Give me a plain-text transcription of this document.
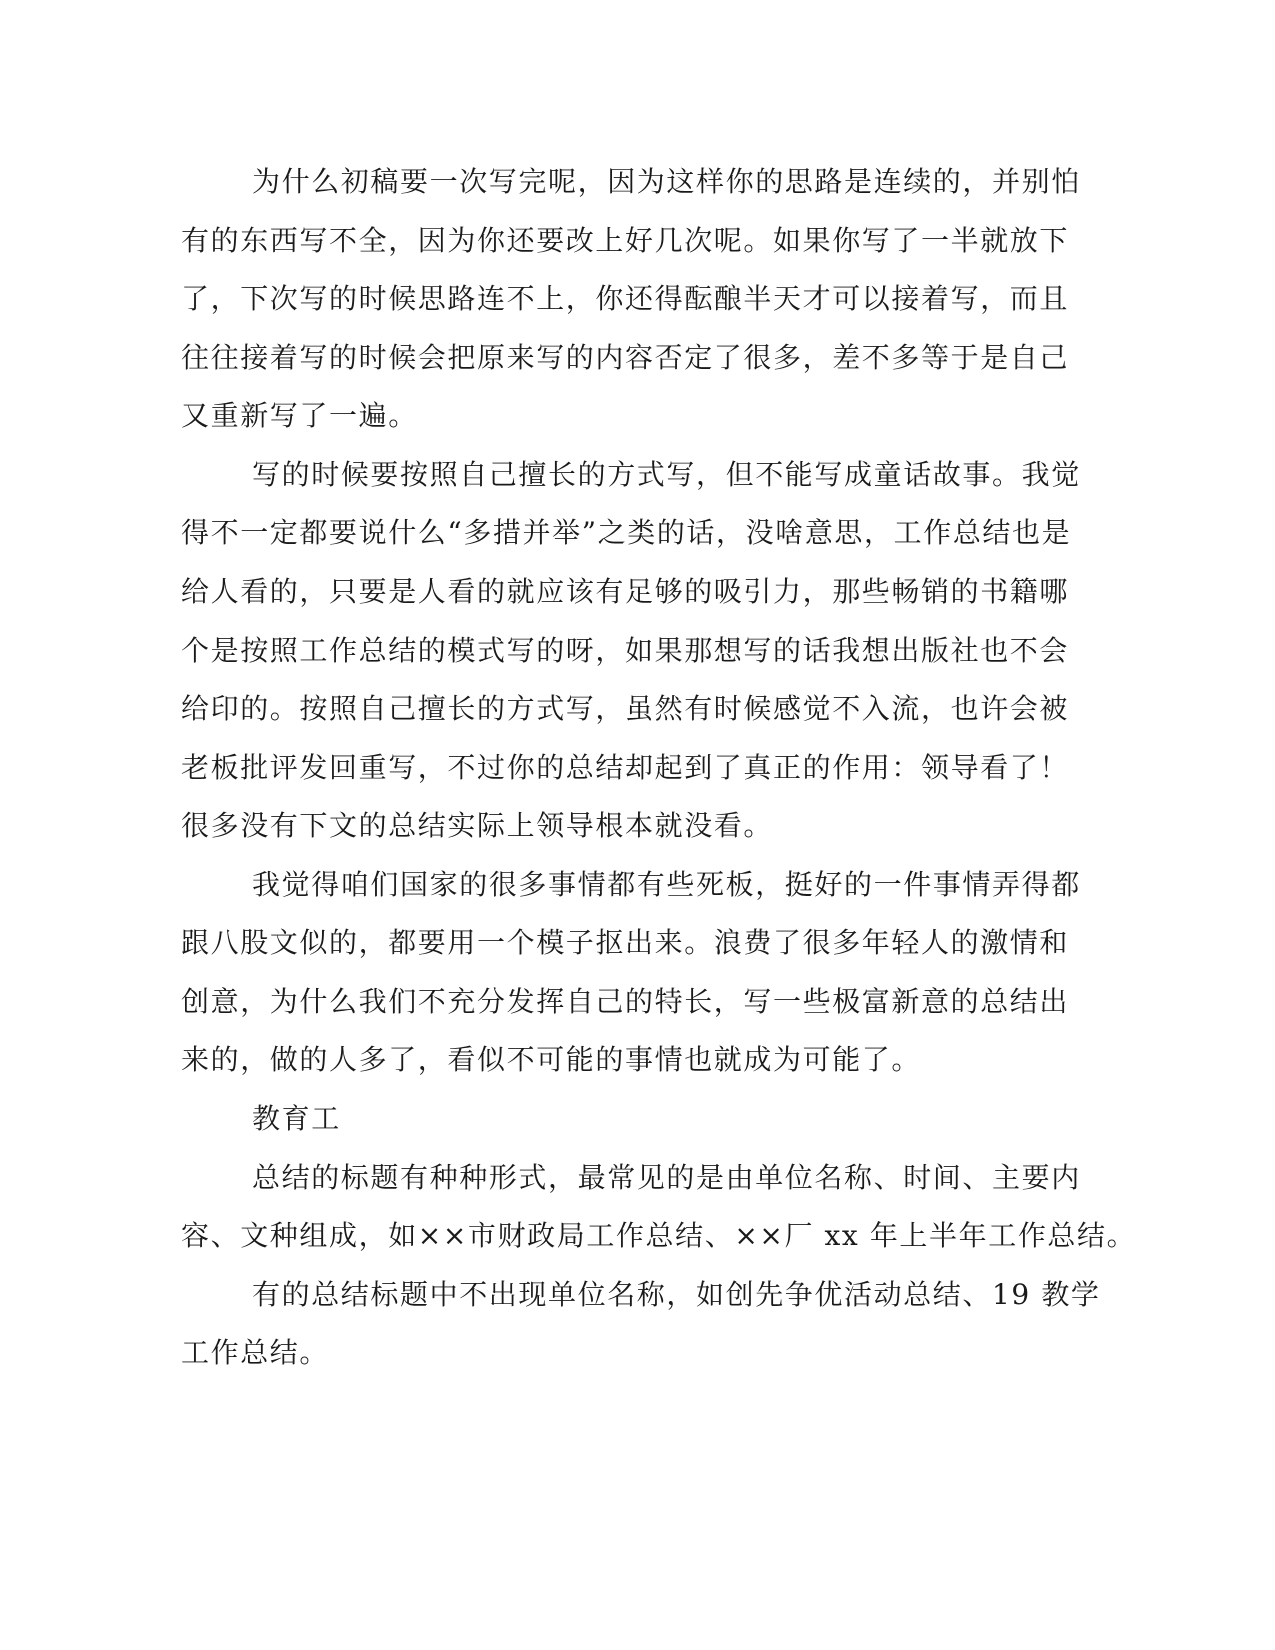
为什么初稿要一次写完呢，因为这样你的思路是连续的，并别怕
有的东西写不全，因为你还要改上好几次呢。如果你写了一半就放下
了，下次写的时候思路连不上，你还得酝酿半天才可以接着写，而且
往往接着写的时候会把原来写的内容否定了很多，差不多等于是自己
又重新写了一遍。
写的时候要按照自己擅长的方式写，但不能写成童话故事。我觉
得不一定都要说什么“多措并举”之类的话，没啥意思，工作总结也是
给人看的，只要是人看的就应该有足够的吸引力，那些畅销的书籍哪
个是按照工作总结的模式写的呀，如果那想写的话我想出版社也不会
给印的。按照自己擅长的方式写，虽然有时候感觉不入流，也许会被
老板批评发回重写，不过你的总结却起到了真正的作用：领导看了！
很多没有下文的总结实际上领导根本就没看。
我觉得咱们国家的很多事情都有些死板，挺好的一件事情弄得都
跟八股文似的，都要用一个模子抠出来。浪费了很多年轻人的激情和
创意，为什么我们不充分发挥自己的特长，写一些极富新意的总结出
来的，做的人多了，看似不可能的事情也就成为可能了。
教育工
总结的标题有种种形式，最常见的是由单位名称、时间、主要内
容、文种组成，如××市财政局工作总结、××厂 xx 年上半年工作总结。
有的总结标题中不出现单位名称，如创先争优活动总结、19 教学
工作总结。
